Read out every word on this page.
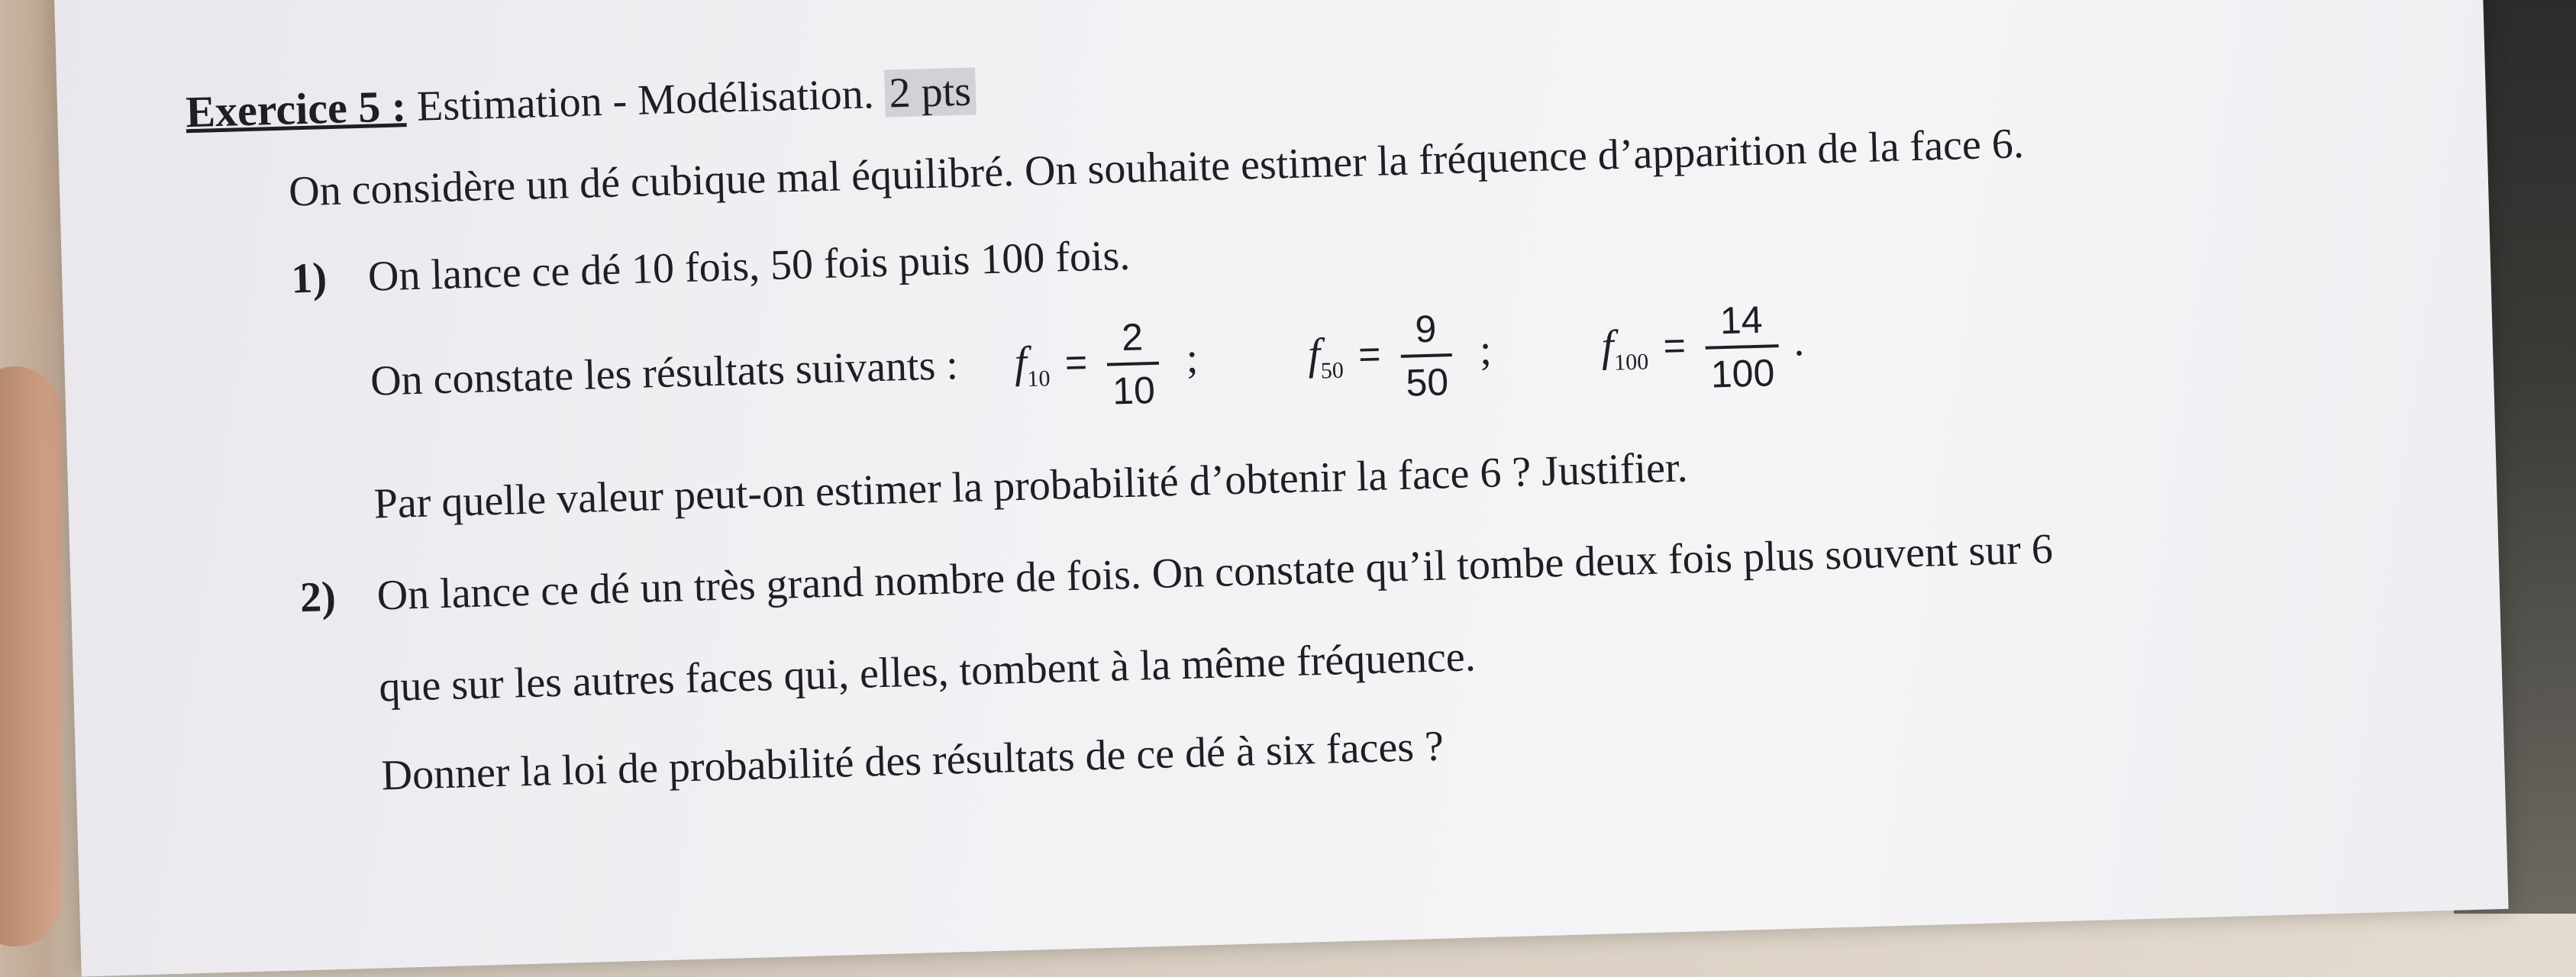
Exercice 5 : Estimation - Modélisation. 2 pts
On considère un dé cubique mal équilibré. On souhaite estimer la fréquence d’apparition de la face 6.
1) On lance ce dé 10 fois, 50 fois puis 100 fois.
On constate les résultats suivants : $f_{10} = \frac{2}{10}$ ; $f_{50} = \frac{9}{50}$ ; $f_{100} = \frac{14}{100}$ .
Par quelle valeur peut-on estimer la probabilité d’obtenir la face 6 ? Justifier.
2) On lance ce dé un très grand nombre de fois. On constate qu’il tombe deux fois plus souvent sur 6
que sur les autres faces qui, elles, tombent à la même fréquence.
Donner la loi de probabilité des résultats de ce dé à six faces ?
